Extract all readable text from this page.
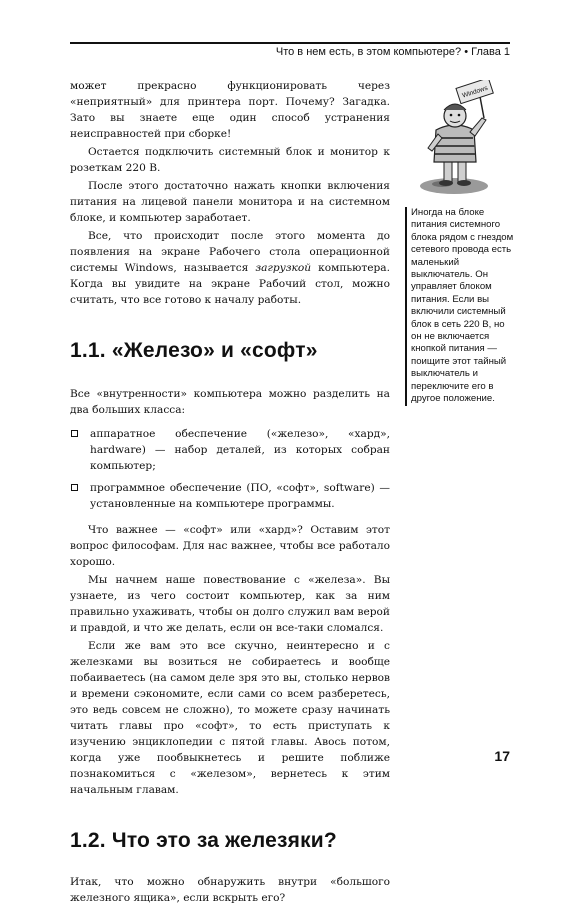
Что в нем есть, в этом компьютере? • Глава 1
Windows
Иногда на блоке питания системного блока рядом с гнездом сетевого провода есть маленький выключатель. Он управляет блоком питания. Если вы включили системный блок в сеть 220 В, но он не включается кнопкой питания — поищите этот тайный выключатель и переключите его в другое положение.

может прекрасно функционировать через «неприятный» для принтера порт. Почему? Загадка. Зато вы знаете еще один способ устранения неисправностей при сборке!

Остается подключить системный блок и монитор к розеткам 220 В.

После этого достаточно нажать кнопки включения питания на лицевой панели монитора и на системном блоке, и компьютер заработает.

Все, что происходит после этого момента до появления на экране Рабочего стола операционной системы Windows, называется загрузкой компьютера. Когда вы увидите на экране Рабочий стол, можно считать, что все готово к началу работы.

1.1. «Железо» и «софт»

Все «внутренности» компьютера можно разделить на два больших класса:

аппаратное обеспечение («железо», «хард», hardware) — набор деталей, из которых собран компьютер;
программное обеспечение (ПО, «софт», software) — установленные на компьютере программы.

Что важнее — «софт» или «хард»? Оставим этот вопрос философам. Для нас важнее, чтобы все работало хорошо.

Мы начнем наше повествование с «железа». Вы узнаете, из чего состоит компьютер, как за ним правильно ухаживать, чтобы он долго служил вам верой и правдой, и что же делать, если он все-таки сломался.

Если же вам это все скучно, неинтересно и с железками вы возиться не собираетесь и вообще побаиваетесь (на самом деле зря это вы, столько нервов и времени сэкономите, если сами со всем разберетесь, это ведь совсем не сложно), то можете сразу начинать читать главы про «софт», то есть приступать к изучению энциклопедии с пятой главы. Авось потом, когда уже пообвыкнетесь и решите поближе познакомиться с «железом», вернетесь к этим начальным главам.

1.2. Что это за железяки?

Итак, что можно обнаружить внутри «большого железного ящика», если вскрыть его?

17
